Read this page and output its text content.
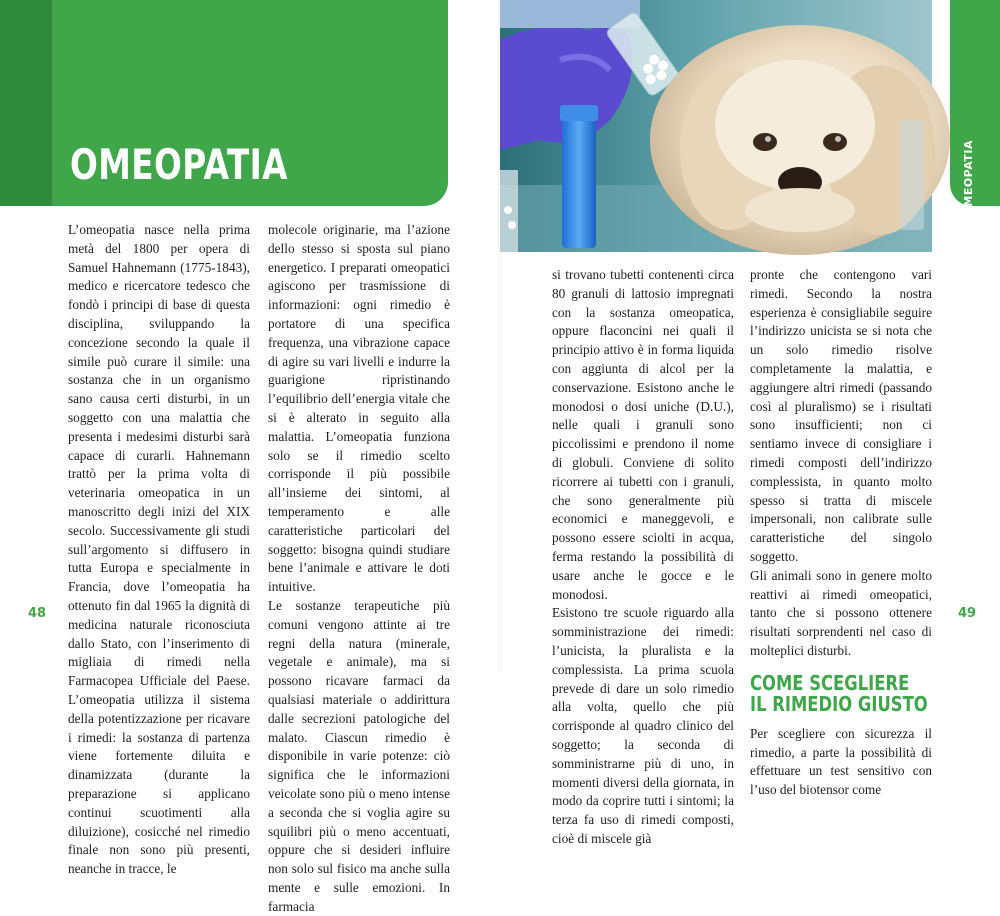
OMEOPATIA

L’omeopatia nasce nella prima metà del 1800 per opera di Samuel Hahnemann (1775-1843), medico e ricercatore tedesco che fondò i principi di base di questa disciplina, sviluppando la concezione secondo la quale il simile può curare il simile: una sostanza che in un organismo sano causa certi disturbi, in un soggetto con una malattia che presenta i medesimi disturbi sarà capace di curarli. Hahnemann trattò per la prima volta di veterinaria omeopatica in un manoscritto degli inizi del XIX secolo. Successivamente gli studi sull’argomento si diffusero in tutta Europa e specialmente in Francia, dove l’omeopatia ha ottenuto fin dal 1965 la dignità di medicina naturale riconosciuta dallo Stato, con l’inserimento di migliaia di rimedi nella Farmacopea Ufficiale del Paese. L’omeopatia utilizza il sistema della potentizzazione per ricavare i rimedi: la sostanza di partenza viene fortemente diluita e dinamizzata (durante la preparazione si applicano continui scuotimenti alla diluizione), cosicché nel rimedio finale non sono più presenti, neanche in tracce, le

molecole originarie, ma l’azione dello stesso si sposta sul piano energetico. I preparati omeopatici agiscono per trasmissione di informazioni: ogni rimedio è portatore di una specifica frequenza, una vibrazione capace di agire su vari livelli e indurre la guarigione ripristinando l’equilibrio dell’energia vitale che si è alterato in seguito alla malattia. L’omeopatia funziona solo se il rimedio scelto corrisponde il più possibile all’insieme dei sintomi, al temperamento e alle caratteristiche particolari del soggetto: bisogna quindi studiare bene l’animale e attivare le doti intuitive.
Le sostanze terapeutiche più comuni vengono attinte ai tre regni della natura (minerale, vegetale e animale), ma si possono ricavare farmaci da qualsiasi materiale o addirittura dalle secrezioni patologiche del malato. Ciascun rimedio è disponibile in varie potenze: ciò significa che le informazioni veicolate sono più o meno intense a seconda che si voglia agire su squilibri più o meno accentuati, oppure che si desideri influire non solo sul fisico ma anche sulla mente e sulle emozioni. In farmacia
48
OMEOPATIA
si trovano tubetti contenenti circa 80 granuli di lattosio impregnati con la sostanza omeopatica, oppure flaconcini nei quali il principio attivo è in forma liquida con aggiunta di alcol per la conservazione. Esistono anche le monodosi o dosi uniche (D.U.), nelle quali i granuli sono piccolissimi e prendono il nome di globuli. Conviene di solito ricorrere ai tubetti con i granuli, che sono generalmente più economici e maneggevoli, e possono essere sciolti in acqua, ferma restando la possibilità di usare anche le gocce e le monodosi.
Esistono tre scuole riguardo alla somministrazione dei rimedi: l’unicista, la pluralista e la complessista. La prima scuola prevede di dare un solo rimedio alla volta, quello che più corrisponde al quadro clinico del soggetto; la seconda di somministrarne più di uno, in momenti diversi della giornata, in modo da coprire tutti i sintomi; la terza fa uso di rimedi composti, cioè di miscele già
pronte che contengono vari rimedi. Secondo la nostra esperienza è consigliabile seguire l’indirizzo unicista se si nota che un solo rimedio risolve completamente la malattia, e aggiungere altri rimedi (passando così al pluralismo) se i risultati sono insufficienti; non ci sentiamo invece di consigliare i rimedi composti dell’indirizzo complessista, in quanto molto spesso si tratta di miscele impersonali, non calibrate sulle caratteristiche del singolo soggetto.
Gli animali sono in genere molto reattivi ai rimedi omeopatici, tanto che si possono ottenere risultati sorprendenti nel caso di molteplici disturbi.
COME SCEGLIERE
IL RIMEDIO GIUSTO
Per scegliere con sicurezza il rimedio, a parte la possibilità di effettuare un test sensitivo con l’uso del biotensor come
49
